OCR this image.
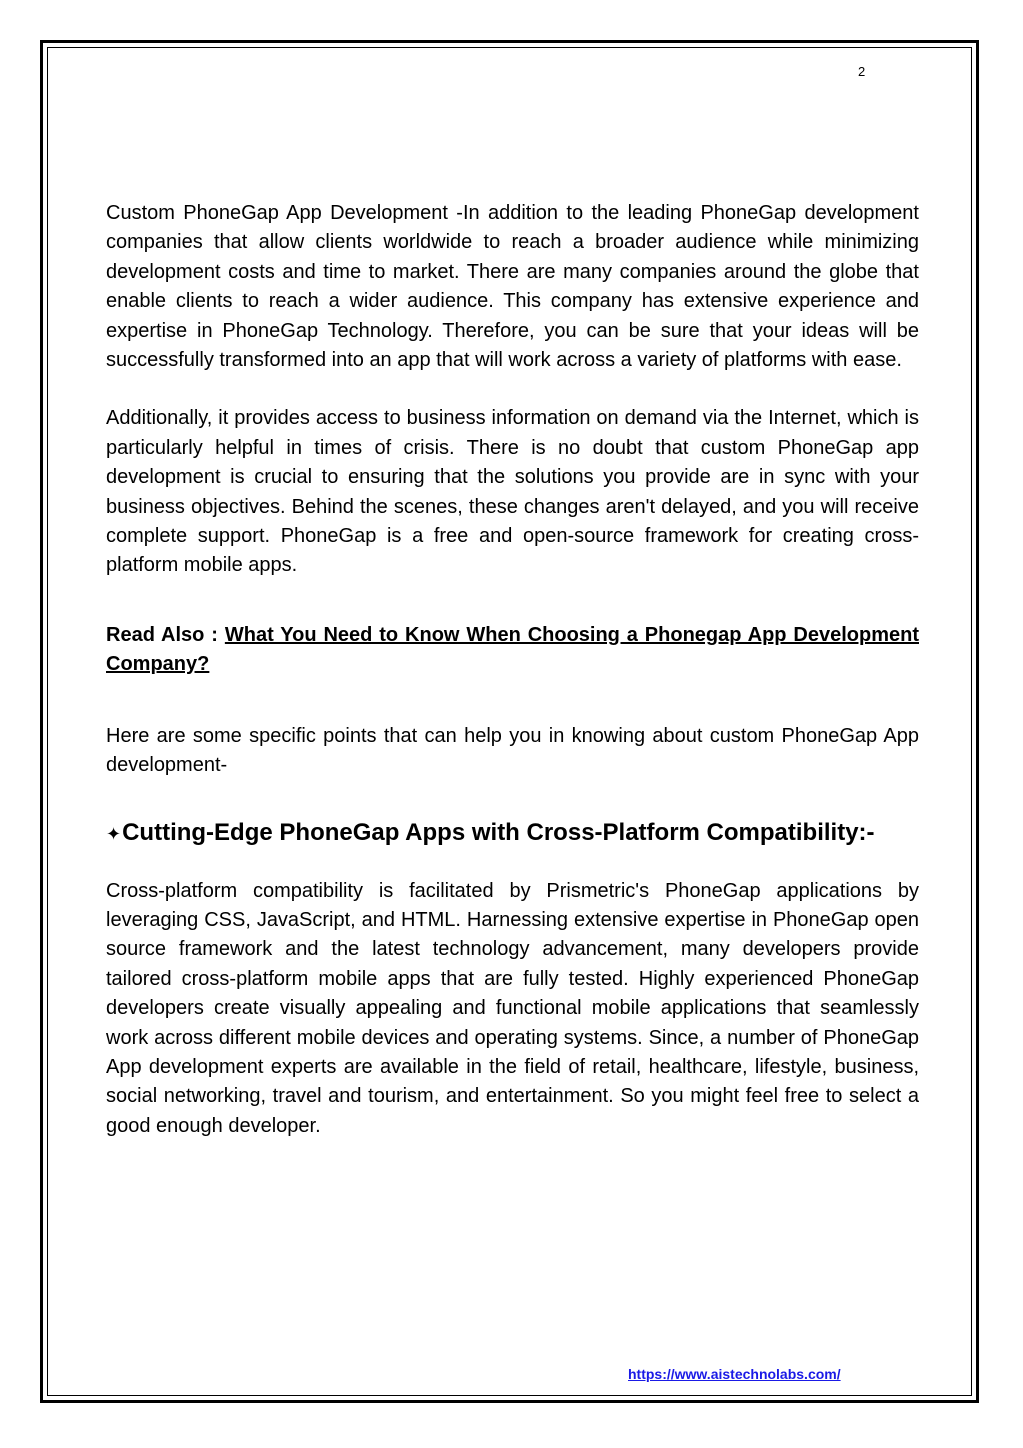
2

Custom PhoneGap App Development -In addition to the leading PhoneGap development companies that allow clients worldwide to reach a broader audience while minimizing development costs and time to market. There are many companies around the globe that enable clients to reach a wider audience. This company has extensive experience and expertise in PhoneGap Technology. Therefore, you can be sure that your ideas will be successfully transformed into an app that will work across a variety of platforms with ease.

Additionally, it provides access to business information on demand via the Internet, which is particularly helpful in times of crisis. There is no doubt that custom PhoneGap app development is crucial to ensuring that the solutions you provide are in sync with your business objectives. Behind the scenes, these changes aren't delayed, and you will receive complete support. PhoneGap is a free and open-source framework for creating cross-platform mobile apps.

Read Also : What You Need to Know When Choosing a Phonegap App Development Company?

Here are some specific points that can help you in knowing about custom PhoneGap App development-

✦Cutting-Edge PhoneGap Apps with Cross-Platform Compatibility:-

Cross-platform compatibility is facilitated by Prismetric's PhoneGap applications by leveraging CSS, JavaScript, and HTML. Harnessing extensive expertise in PhoneGap open source framework and the latest technology advancement, many developers provide tailored cross-platform mobile apps that are fully tested. Highly experienced PhoneGap developers create visually appealing and functional mobile applications that seamlessly work across different mobile devices and operating systems. Since, a number of PhoneGap App development experts are available in the field of retail, healthcare, lifestyle, business, social networking, travel and tourism, and entertainment. So you might feel free to select a good enough developer.

https://www.aistechnolabs.com/
